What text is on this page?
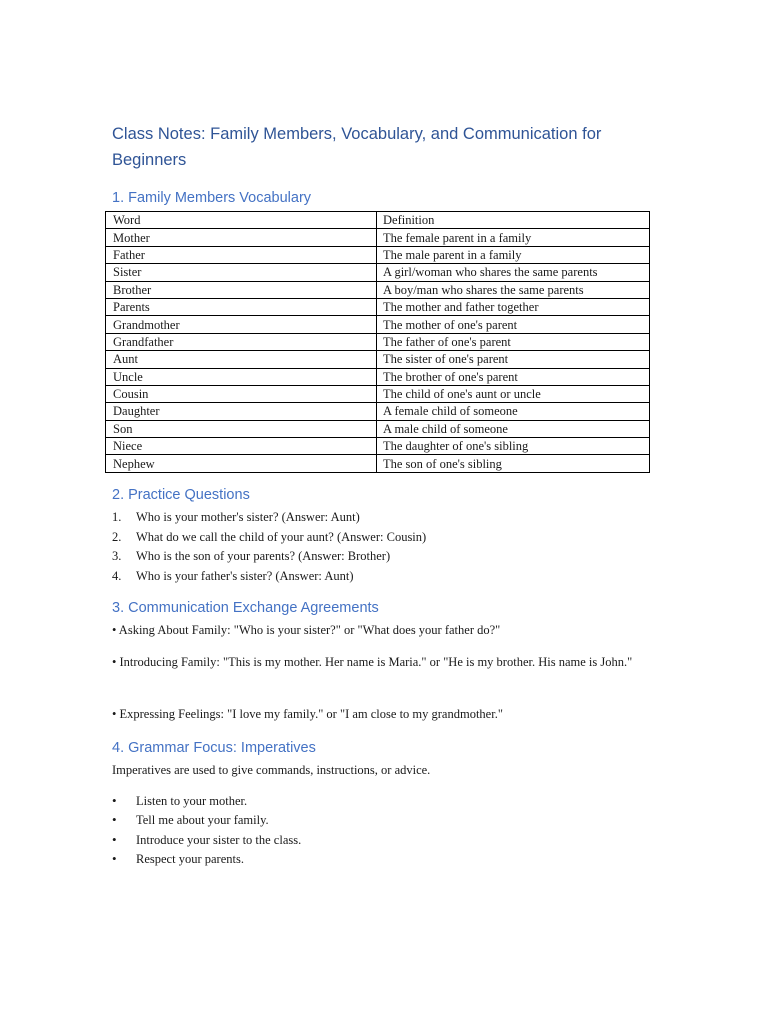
Class Notes: Family Members, Vocabulary, and Communication for Beginners
1. Family Members Vocabulary
Word	Definition
Mother	The female parent in a family
Father	The male parent in a family
Sister	A girl/woman who shares the same parents
Brother	A boy/man who shares the same parents
Parents	The mother and father together
Grandmother	The mother of one's parent
Grandfather	The father of one's parent
Aunt	The sister of one's parent
Uncle	The brother of one's parent
Cousin	The child of one's aunt or uncle
Daughter	A female child of someone
Son	A male child of someone
Niece	The daughter of one's sibling
Nephew	The son of one's sibling
2. Practice Questions
1. Who is your mother's sister? (Answer: Aunt)
2. What do we call the child of your aunt? (Answer: Cousin)
3. Who is the son of your parents? (Answer: Brother)
4. Who is your father's sister? (Answer: Aunt)
3. Communication Exchange Agreements

• Asking About Family: "Who is your sister?" or "What does your father do?"

• Introducing Family: "This is my mother. Her name is Maria." or "He is my brother. His name is John."

• Expressing Feelings: "I love my family." or "I am close to my grandmother."

4. Grammar Focus: Imperatives

Imperatives are used to give commands, instructions, or advice.

• Listen to your mother.
• Tell me about your family.
• Introduce your sister to the class.
• Respect your parents.
